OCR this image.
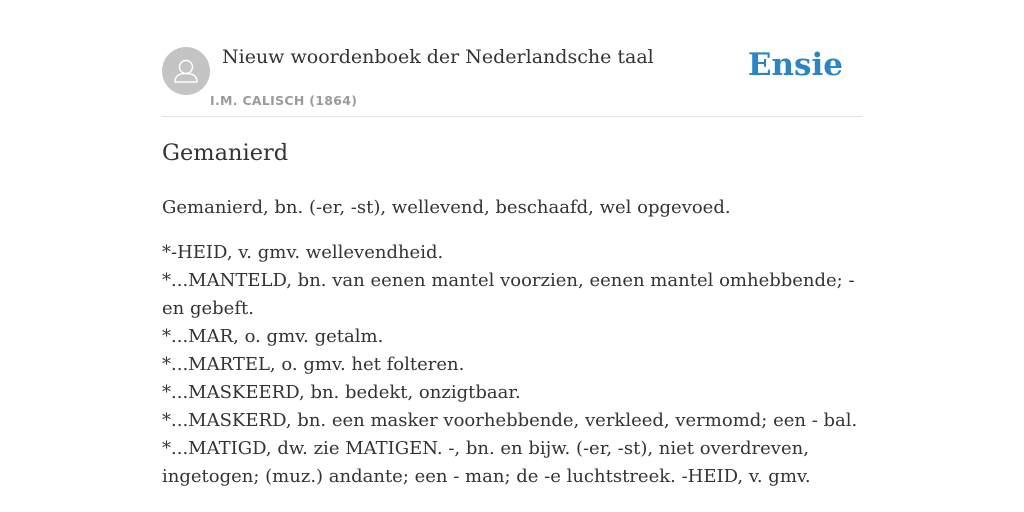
Nieuw woordenboek der Nederlandsche taal
I.M. CALISCH (1864)
Ensie
Gemanierd

Gemanierd, bn. (-er, -st), wellevend, beschaafd, wel opgevoed.

*-HEID, v. gmv. wellevendheid.
*...MANTELD, bn. van eenen mantel voorzien, eenen mantel omhebbende; - en gebeft.
*...MAR, o. gmv. getalm.
*...MARTEL, o. gmv. het folteren.
*...MASKEERD, bn. bedekt, onzigtbaar.
*...MASKERD, bn. een masker voorhebbende, verkleed, vermomd; een - bal.
*...MATIGD, dw. zie MATIGEN. -, bn. en bijw. (-er, -st), niet overdreven, ingetogen; (muz.) andante; een - man; de -e luchtstreek. -HEID, v. gmv.
